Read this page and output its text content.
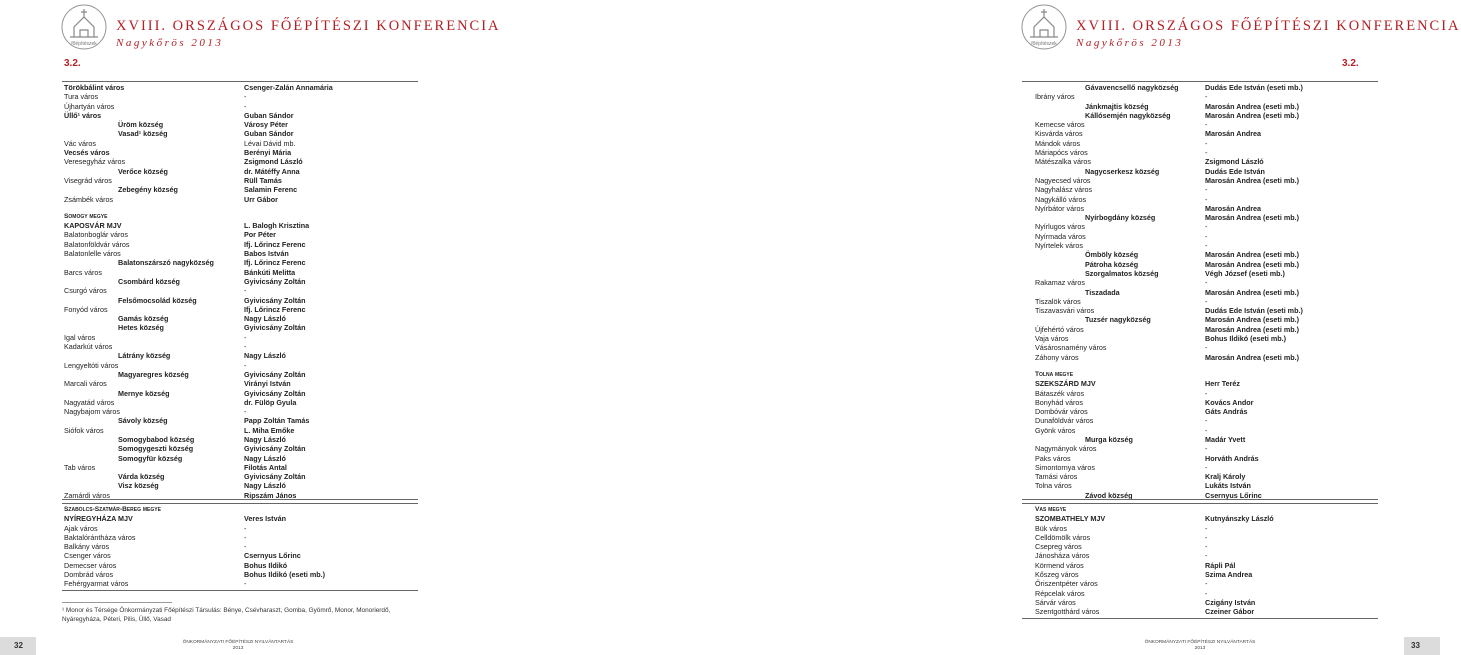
főépítészek
XVIII. ORSZÁGOS FŐÉPÍTÉSZI KONFERENCIA
Nagykőrös 2013
3.2.
Törökbálint város	Csenger-Zalán Annamária
Tura város	-
Újhartyán város	-
Üllő¹ város	Guban Sándor
Üröm község	Városy Péter
Vasad¹ község	Guban Sándor
Vác város	Lévai Dávid mb.
Vecsés város	Berényi Mária
Veresegyház város	Zsigmond László
Verőce község	dr. Mátéffy Anna
Visegrád város	Rüll Tamás
Zebegény község	Salamin Ferenc
Zsámbék város	Urr Gábor
Somogy megye
KAPOSVÁR MJV	L. Balogh Krisztina
Balatonboglár város	Por Péter
Balatonföldvár város	Ifj. Lőrincz Ferenc
Balatonlelle város	Babos István
Balatonszárszó nagyközség	Ifj. Lőrincz Ferenc
Barcs város	Bánkúti Melitta
Csombárd község	Gyivicsány Zoltán
Csurgó város	-
Felsőmocsolád község	Gyivicsány Zoltán
Fonyód város	Ifj. Lőrincz Ferenc
Gamás község	Nagy László
Hetes község	Gyivicsány Zoltán
Igal város	-
Kadarkút város	-
Látrány község	Nagy László
Lengyeltóti város	-
Magyaregres község	Gyivicsány Zoltán
Marcali város	Virányi István
Mernye község	Gyivicsány Zoltán
Nagyatád város	dr. Fülöp Gyula
Nagybajom város	-
Sávoly község	Papp Zoltán Tamás
Siófok város	L. Miha Emőke
Somogybabod község	Nagy László
Somogygeszti község	Gyivicsány Zoltán
Somogyfür község	Nagy László
Tab város	Filotás Antal
Várda község	Gyivicsány Zoltán
Visz község	Nagy László
Zamárdi város	Ripszám János
Szabolcs-Szatmár-Bereg megye
NYÍREGYHÁZA MJV	Veres István
Ajak város	-
Baktalórántháza város	-
Balkány város	-
Csenger város	Csernyus Lőrinc
Demecser város	Bohus Ildikó
Dombrád város	Bohus Ildikó (eseti mb.)
Fehérgyarmat város	-
¹ Monor és Térsége Önkormányzati Főépítészi Társulás: Bénye, Csévharaszt, Gomba, Gyömrő, Monor, Monorierdő, Nyáregyháza, Péteri, Pilis, Üllő, Vasad
32	ÖNKORMÁNYZATI FŐÉPÍTÉSZI NYILVÁNTARTÁS
2013
főépítészek
XVIII. ORSZÁGOS FŐÉPÍTÉSZI KONFERENCIA
Nagykőrös 2013
3.2.
Gávavencsellő nagyközség	Dudás Ede István (eseti mb.)
Ibrány város	-
Jánkmajtis község	Marosán Andrea (eseti mb.)
Kállósemjén nagyközség	Marosán Andrea (eseti mb.)
Kemecse város	-
Kisvárda város	Marosán Andrea
Mándok város	-
Máriapócs város	-
Mátészalka város	Zsigmond László
Nagycserkesz község	Dudás Ede István
Nagyecsed város	Marosán Andrea (eseti mb.)
Nagyhalász város	-
Nagykálló város	-
Nyírbátor város	Marosán Andrea
Nyírbogdány község	Marosán Andrea (eseti mb.)
Nyírlugos város	-
Nyírmada város	-
Nyírtelek város	-
Ömböly község	Marosán Andrea (eseti mb.)
Pátroha község	Marosán Andrea (eseti mb.)
Szorgalmatos község	Végh József (eseti mb.)
Rakamaz város	-
Tiszadada	Marosán Andrea (eseti mb.)
Tiszalök város	-
Tiszavasvári város	Dudás Ede István (eseti mb.)
Tuzsér nagyközség	Marosán Andrea (eseti mb.)
Újfehértó város	Marosán Andrea (eseti mb.)
Vaja város	Bohus Ildikó (eseti mb.)
Vásárosnamény város	-
Záhony város	Marosán Andrea (eseti mb.)
Tolna megye
SZEKSZÁRD MJV	Herr Teréz
Bátaszék város	-
Bonyhád város	Kovács Andor
Dombóvár város	Gáts András
Dunaföldvár város	-
Gyönk város	-
Murga község	Madár Yvett
Nagymányok város	-
Paks város	Horváth András
Simontornya város	-
Tamási város	Kralj Károly
Tolna város	Lukáts István
Závod község	Csernyus Lőrinc
Vas megye
SZOMBATHELY MJV	Kutnyánszky László
Bük város	-
Celldömölk város	-
Csepreg város	-
Jánosháza város	-
Körmend város	Rápli Pál
Kőszeg város	Szima Andrea
Őriszentpéter város	-
Répcelak város	-
Sárvár város	Czigány István
Szentgotthárd város	Czeiner Gábor
33
ÖNKORMÁNYZATI FŐÉPÍTÉSZI NYILVÁNTARTÁS
2013
